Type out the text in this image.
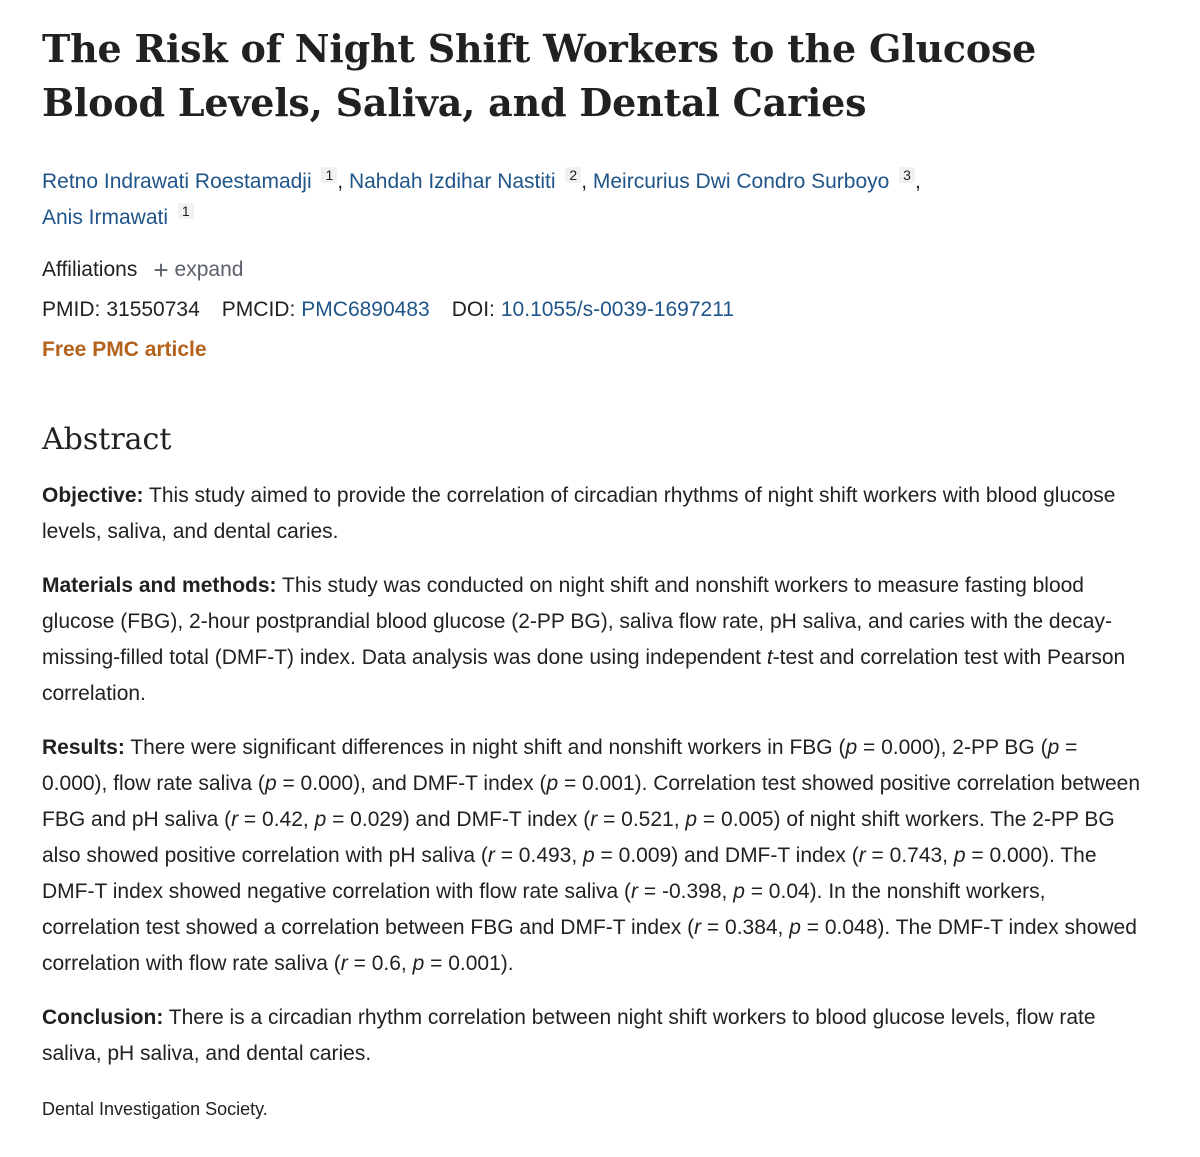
The Risk of Night Shift Workers to the Glucose Blood Levels, Saliva, and Dental Caries
Retno Indrawati Roestamadji 1 , Nahdah Izdihar Nastiti 2 , Meircurius Dwi Condro Surboyo 3 ,
Anis Irmawati 1
Affiliations + expand
PMID: 31550734 PMCID: PMC6890483 DOI: 10.1055/s-0039-1697211
Free PMC article
Abstract

Objective: This study aimed to provide the correlation of circadian rhythms of night shift workers with blood glucose levels, saliva, and dental caries.

Materials and methods: This study was conducted on night shift and nonshift workers to measure fasting blood glucose (FBG), 2-hour postprandial blood glucose (2-PP BG), saliva flow rate, pH saliva, and caries with the decay-missing-filled total (DMF-T) index. Data analysis was done using independent t-test and correlation test with Pearson correlation.

Results: There were significant differences in night shift and nonshift workers in FBG (p = 0.000), 2-PP BG (p = 0.000), flow rate saliva (p = 0.000), and DMF-T index (p = 0.001). Correlation test showed positive correlation between FBG and pH saliva (r = 0.42, p = 0.029) and DMF-T index (r = 0.521, p = 0.005) of night shift workers. The 2-PP BG also showed positive correlation with pH saliva (r = 0.493, p = 0.009) and DMF-T index (r = 0.743, p = 0.000). The DMF-T index showed negative correlation with flow rate saliva (r = -0.398, p = 0.04). In the nonshift workers, correlation test showed a correlation between FBG and DMF-T index (r = 0.384, p = 0.048). The DMF-T index showed correlation with flow rate saliva (r = 0.6, p = 0.001).

Conclusion: There is a circadian rhythm correlation between night shift workers to blood glucose levels, flow rate saliva, pH saliva, and dental caries.

Dental Investigation Society.
